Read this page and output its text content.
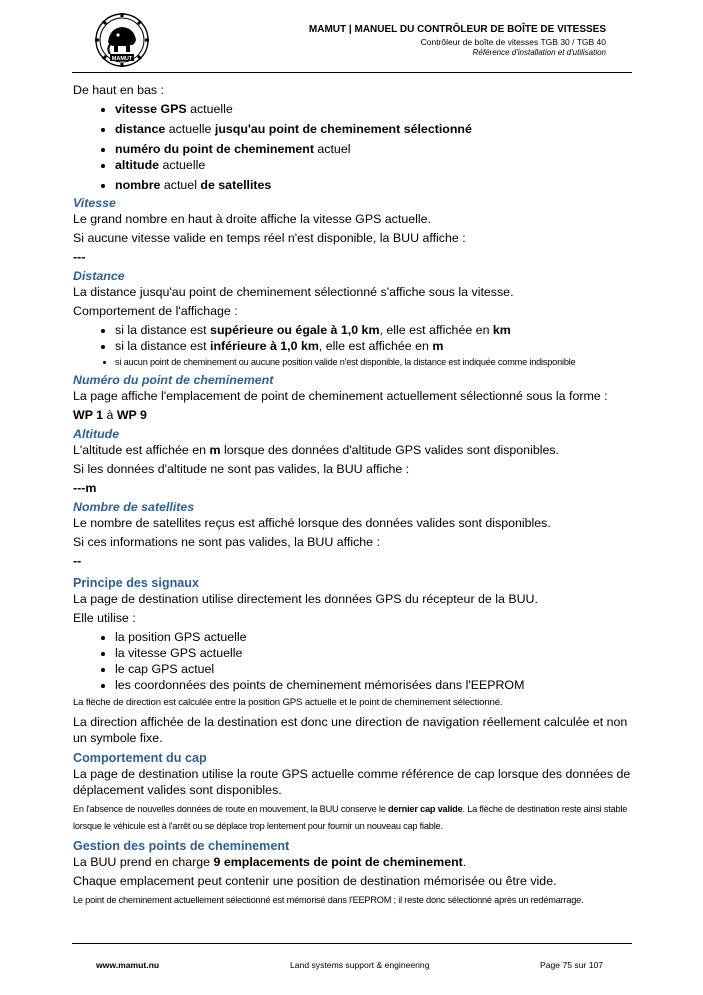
MAMUT
MAMUT | MANUEL DU CONTRÔLEUR DE BOÎTE DE VITESSES
Contrôleur de boîte de vitesses TGB 30 / TGB 40
Référence d'installation et d'utilisation

De haut en bas :

• vitesse GPS actuelle
• distance actuelle jusqu'au point de cheminement sélectionné
• numéro du point de cheminement actuel
• altitude actuelle
• nombre actuel de satellites
Vitesse

Le grand nombre en haut à droite affiche la vitesse GPS actuelle.

Si aucune vitesse valide en temps réel n'est disponible, la BUU affiche :

---

Distance

La distance jusqu'au point de cheminement sélectionné s'affiche sous la vitesse.

Comportement de l'affichage :

• si la distance est supérieure ou égale à 1,0 km, elle est affichée en km
• si la distance est inférieure à 1,0 km, elle est affichée en m
• si aucun point de cheminement ou aucune position valide n'est disponible, la distance est indiquée comme indisponible
Numéro du point de cheminement

La page affiche l'emplacement de point de cheminement actuellement sélectionné sous la forme :

WP 1 à WP 9

Altitude

L'altitude est affichée en m lorsque des données d'altitude GPS valides sont disponibles.

Si les données d'altitude ne sont pas valides, la BUU affiche :

---m

Nombre de satellites

Le nombre de satellites reçus est affiché lorsque des données valides sont disponibles.

Si ces informations ne sont pas valides, la BUU affiche :

--

Principe des signaux

La page de destination utilise directement les données GPS du récepteur de la BUU.

Elle utilise :

• la position GPS actuelle
• la vitesse GPS actuelle
• le cap GPS actuel
• les coordonnées des points de cheminement mémorisées dans l'EEPROM

La flèche de direction est calculée entre la position GPS actuelle et le point de cheminement sélectionné.

La direction affichée de la destination est donc une direction de navigation réellement calculée et non un symbole fixe.

Comportement du cap

La page de destination utilise la route GPS actuelle comme référence de cap lorsque des données de déplacement valides sont disponibles.

En l'absence de nouvelles données de route en mouvement, la BUU conserve le dernier cap valide. La flèche de destination reste ainsi stable lorsque le véhicule est à l'arrêt ou se déplace trop lentement pour fournir un nouveau cap fiable.

Gestion des points de cheminement

La BUU prend en charge 9 emplacements de point de cheminement.

Chaque emplacement peut contenir une position de destination mémorisée ou être vide.

Le point de cheminement actuellement sélectionné est mémorisé dans l'EEPROM ; il reste donc sélectionné après un redémarrage.

www.mamut.nu	Land systems support & engineering	Page 75 sur 107
